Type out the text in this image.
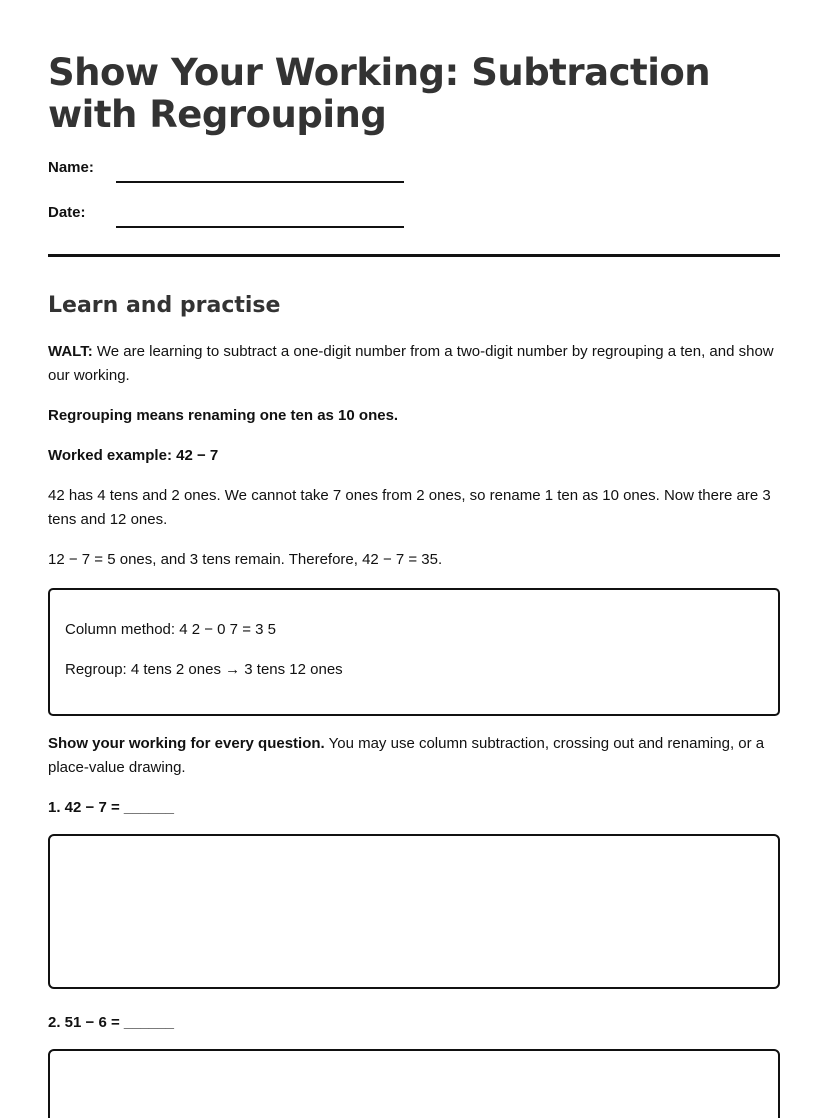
Show Your Working: Subtraction with Regrouping
Name:
Date:
Learn and practise

WALT: We are learning to subtract a one-digit number from a two-digit number by regrouping a ten, and show our working.

Regrouping means renaming one ten as 10 ones.

Worked example: 42 − 7

42 has 4 tens and 2 ones. We cannot take 7 ones from 2 ones, so rename 1 ten as 10 ones. Now there are 3 tens and 12 ones.

12 − 7 = 5 ones, and 3 tens remain. Therefore, 42 − 7 = 35.

Column method: 4 2 − 0 7 = 3 5

Regroup: 4 tens 2 ones → 3 tens 12 ones

Show your working for every question. You may use column subtraction, crossing out and renaming, or a place-value drawing.

1. 42 − 7 = ______

2. 51 − 6 = ______
